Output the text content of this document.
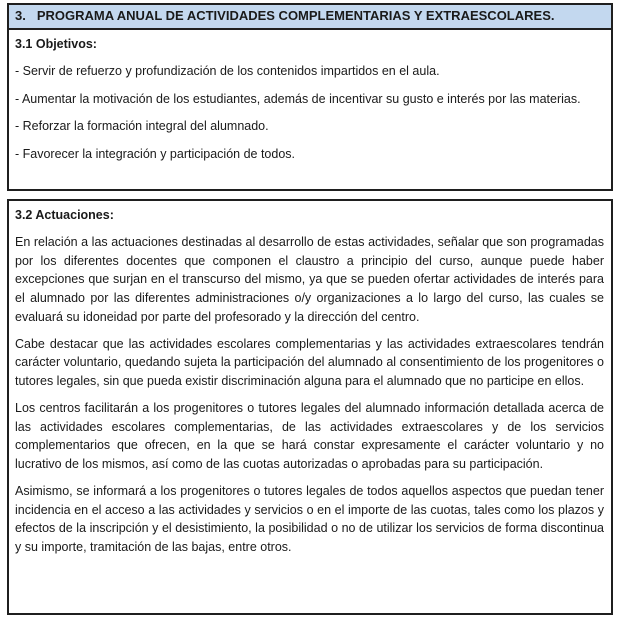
3. PROGRAMA ANUAL DE ACTIVIDADES COMPLEMENTARIAS Y EXTRAESCOLARES.

3.1 Objetivos:

- Servir de refuerzo y profundización de los contenidos impartidos en el aula.

- Aumentar la motivación de los estudiantes, además de incentivar su gusto e interés por las materias.

- Reforzar la formación integral del alumnado.

- Favorecer la integración y participación de todos.

3.2 Actuaciones:

En relación a las actuaciones destinadas al desarrollo de estas actividades, señalar que son programadas por los diferentes docentes que componen el claustro a principio del curso, aunque puede haber excepciones que surjan en el transcurso del mismo, ya que se pueden ofertar actividades de interés para el alumnado por las diferentes administraciones o/y organizaciones a lo largo del curso, las cuales se evaluará su idoneidad por parte del profesorado y la dirección del centro.

Cabe destacar que las actividades escolares complementarias y las actividades extraescolares tendrán carácter voluntario, quedando sujeta la participación del alumnado al consentimiento de los progenitores o tutores legales, sin que pueda existir discriminación alguna para el alumnado que no participe en ellos.

Los centros facilitarán a los progenitores o tutores legales del alumnado información detallada acerca de las actividades escolares complementarias, de las actividades extraescolares y de los servicios complementarios que ofrecen, en la que se hará constar expresamente el carácter voluntario y no lucrativo de los mismos, así como de las cuotas autorizadas o aprobadas para su participación.

Asimismo, se informará a los progenitores o tutores legales de todos aquellos aspectos que puedan tener incidencia en el acceso a las actividades y servicios o en el importe de las cuotas, tales como los plazos y efectos de la inscripción y el desistimiento, la posibilidad o no de utilizar los servicios de forma discontinua y su importe, tramitación de las bajas, entre otros.
